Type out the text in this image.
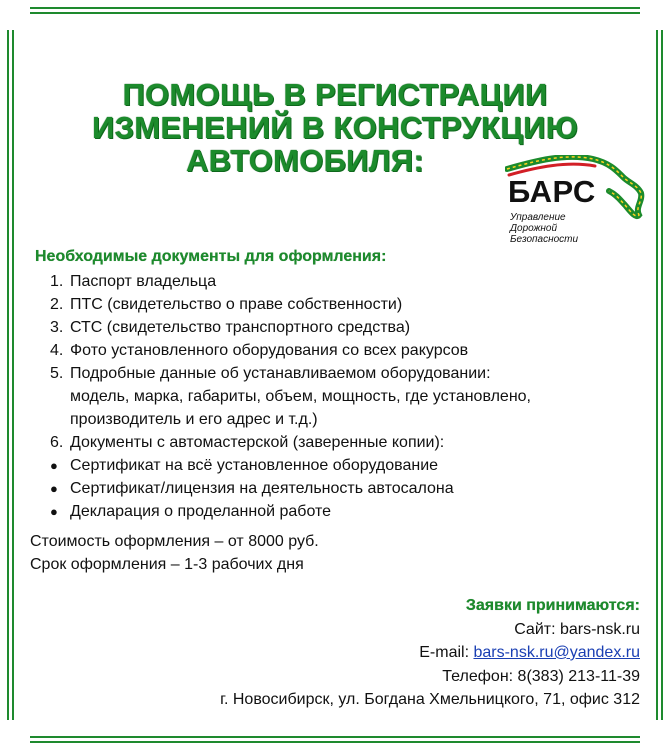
ПОМОЩЬ В РЕГИСТРАЦИИ
ИЗМЕНЕНИЙ В КОНСТРУКЦИЮ
АВТОМОБИЛЯ:
БАРС
Управление
Дорожной
Безопасности
Необходимые документы для оформления:
1. Паспорт владельца
2. ПТС (свидетельство о праве собственности)
3. СТС (свидетельство транспортного средства)
4. Фото установленного оборудования со всех ракурсов
5. Подробные данные об устанавливаемом оборудовании:
модель, марка, габариты, объем, мощность, где установлено,
производитель и его адрес и т.д.)
6. Документы с автомастерской (заверенные копии):
● Сертификат на всё установленное оборудование
● Сертификат/лицензия на деятельность автосалона
● Декларация о проделанной работе
Стоимость оформления – от 8000 руб.
Срок оформления – 1-3 рабочих дня
Заявки принимаются:
Сайт: bars-nsk.ru
E-mail: bars-nsk.ru@yandex.ru
Телефон: 8(383) 213-11-39
г. Новосибирск, ул. Богдана Хмельницкого, 71, офис 312
